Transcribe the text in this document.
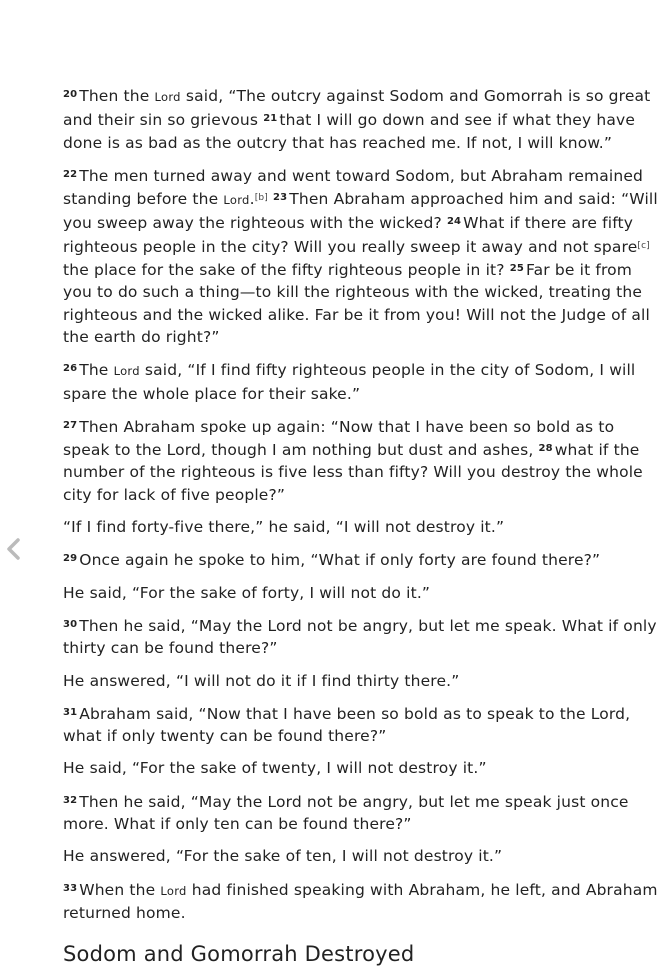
$^{20}$ Then the Lord said, “The outcry against Sodom and Gomorrah is so great and their sin so grievous $^{21}$ that I will go down and see if what they have done is as bad as the outcry that has reached me. If not, I will know.”

$^{22}$ The men turned away and went toward Sodom, but Abraham remained standing before the Lord.[b] $^{23}$ Then Abraham approached him and said: “Will you sweep away the righteous with the wicked? $^{24}$ What if there are fifty righteous people in the city? Will you really sweep it away and not spare[c] the place for the sake of the fifty righteous people in it? $^{25}$ Far be it from you to do such a thing—to kill the righteous with the wicked, treating the righteous and the wicked alike. Far be it from you! Will not the Judge of all the earth do right?”

$^{26}$ The Lord said, “If I find fifty righteous people in the city of Sodom, I will spare the whole place for their sake.”

$^{27}$ Then Abraham spoke up again: “Now that I have been so bold as to speak to the Lord, though I am nothing but dust and ashes, $^{28}$ what if the number of the righteous is five less than fifty? Will you destroy the whole city for lack of five people?”

“If I find forty-five there,” he said, “I will not destroy it.”

$^{29}$ Once again he spoke to him, “What if only forty are found there?”

He said, “For the sake of forty, I will not do it.”

$^{30}$ Then he said, “May the Lord not be angry, but let me speak. What if only thirty can be found there?”

He answered, “I will not do it if I find thirty there.”

$^{31}$ Abraham said, “Now that I have been so bold as to speak to the Lord, what if only twenty can be found there?”

He said, “For the sake of twenty, I will not destroy it.”

$^{32}$ Then he said, “May the Lord not be angry, but let me speak just once more. What if only ten can be found there?”

He answered, “For the sake of ten, I will not destroy it.”

$^{33}$ When the Lord had finished speaking with Abraham, he left, and Abraham returned home.

Sodom and Gomorrah Destroyed
